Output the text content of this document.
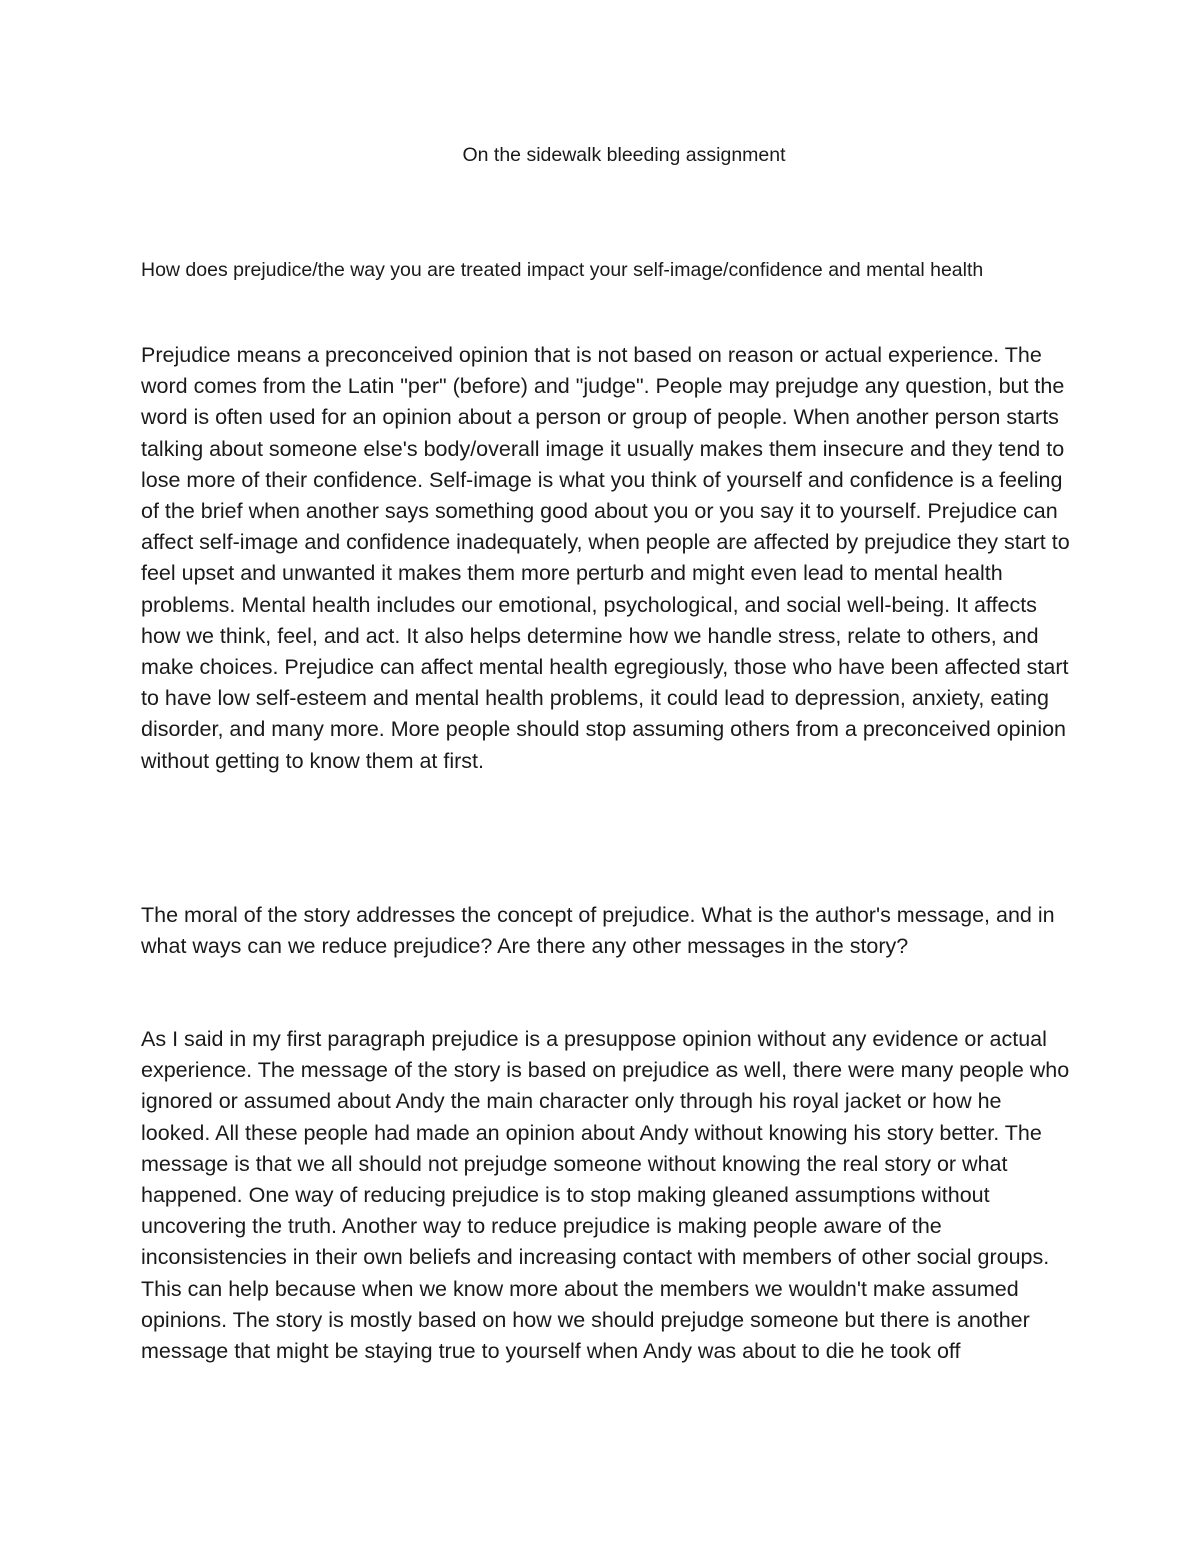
On the sidewalk bleeding assignment

How does prejudice/the way you are treated impact your self-image/confidence and mental health

Prejudice means a preconceived opinion that is not based on reason or actual experience. The word comes from the Latin "per" (before) and "judge". People may prejudge any question, but the word is often used for an opinion about a person or group of people. When another person starts talking about someone else's body/overall image it usually makes them insecure and they tend to lose more of their confidence. Self-image is what you think of yourself and confidence is a feeling of the brief when another says something good about you or you say it to yourself. Prejudice can affect self-image and confidence inadequately, when people are affected by prejudice they start to feel upset and unwanted it makes them more perturb and might even lead to mental health problems. Mental health includes our emotional, psychological, and social well-being. It affects how we think, feel, and act. It also helps determine how we handle stress, relate to others, and make choices. Prejudice can affect mental health egregiously, those who have been affected start to have low self-esteem and mental health problems, it could lead to depression, anxiety, eating disorder, and many more. More people should stop assuming others from a preconceived opinion without getting to know them at first.

The moral of the story addresses the concept of prejudice. What is the author's message, and in what ways can we reduce prejudice? Are there any other messages in the story?

As I said in my first paragraph prejudice is a presuppose opinion without any evidence or actual experience. The message of the story is based on prejudice as well, there were many people who ignored or assumed about Andy the main character only through his royal jacket or how he looked. All these people had made an opinion about Andy without knowing his story better. The message is that we all should not prejudge someone without knowing the real story or what happened. One way of reducing prejudice is to stop making gleaned assumptions without uncovering the truth. Another way to reduce prejudice is making people aware of the inconsistencies in their own beliefs and increasing contact with members of other social groups. This can help because when we know more about the members we wouldn't make assumed opinions. The story is mostly based on how we should prejudge someone but there is another message that might be staying true to yourself when Andy was about to die he took off
